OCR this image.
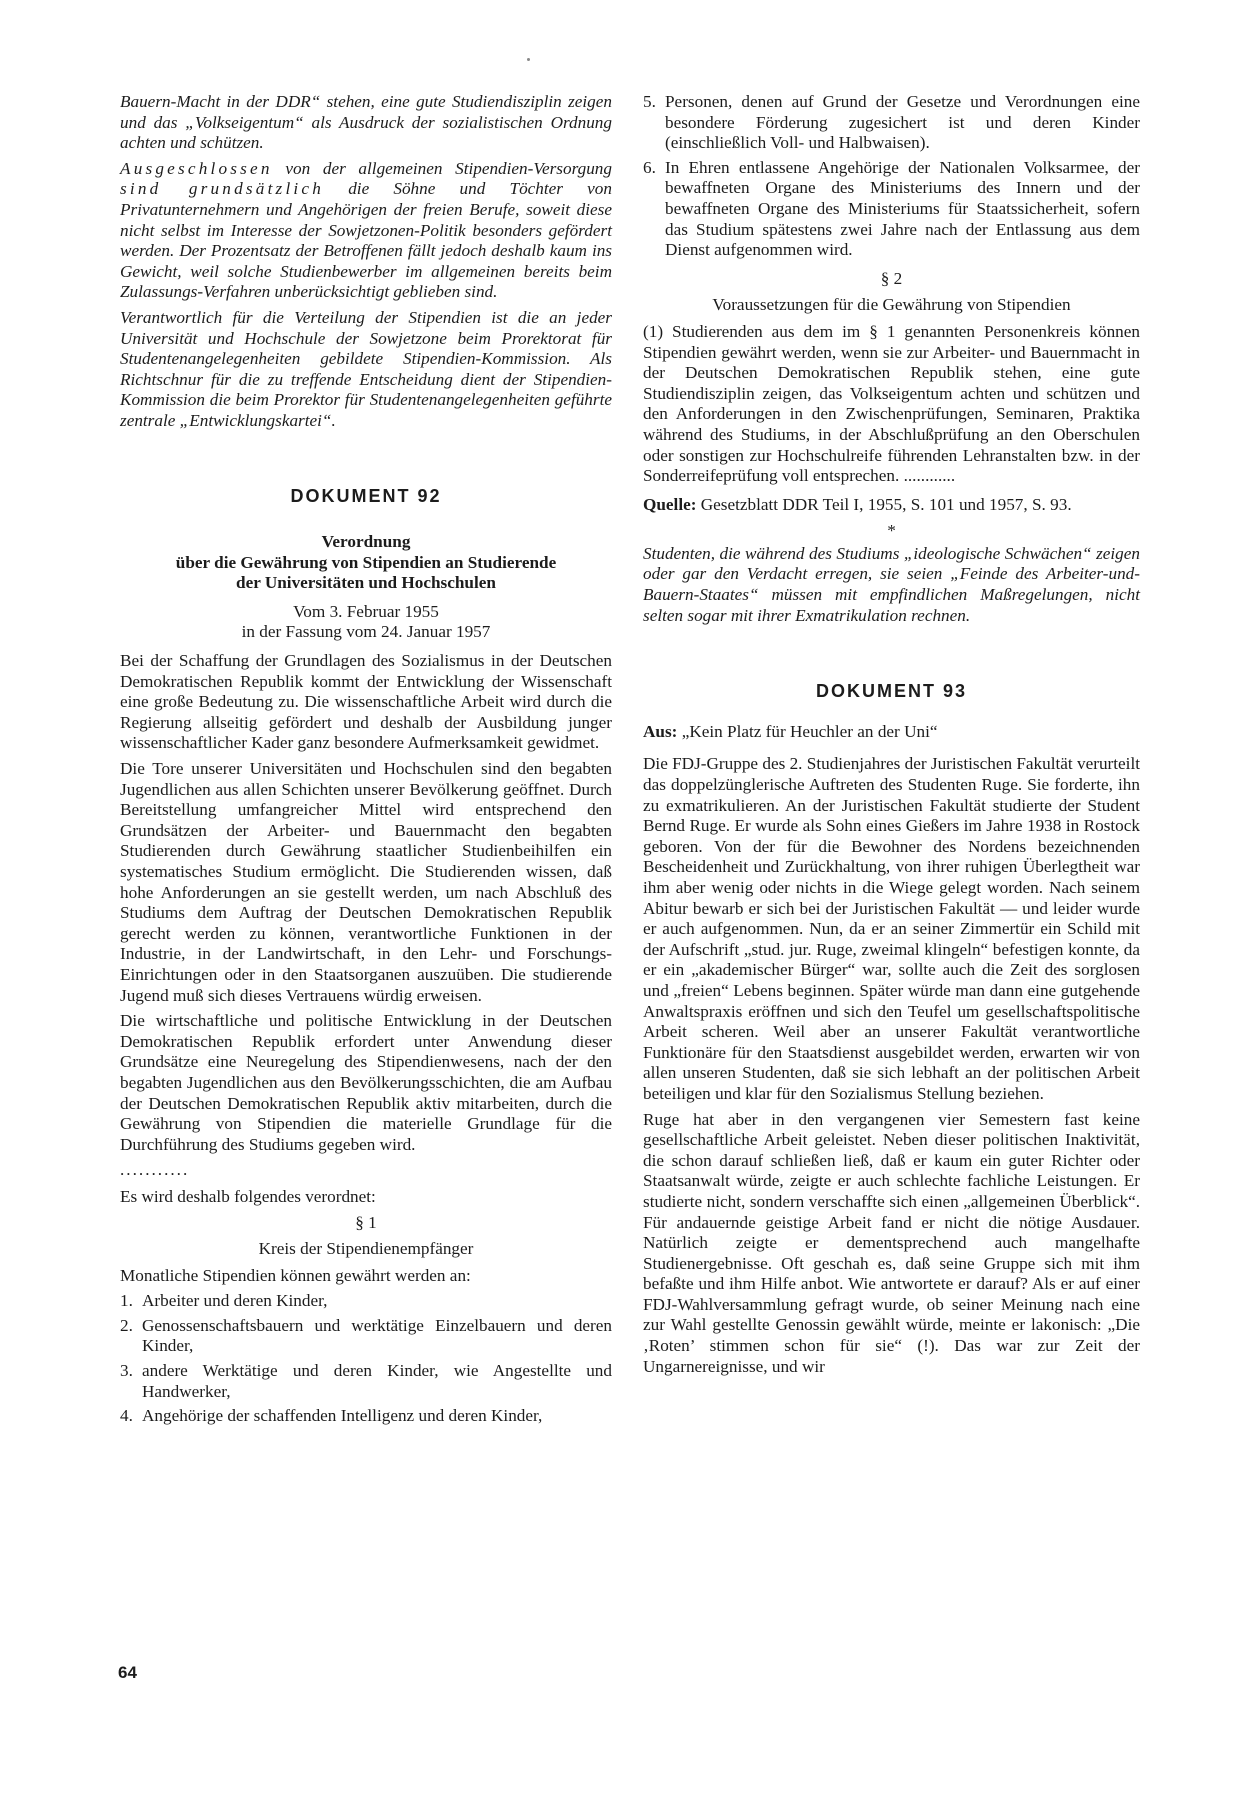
Bauern-Macht in der DDR“ stehen, eine gute Studiendisziplin zeigen und das „Volkseigentum“ als Ausdruck der sozialistischen Ordnung achten und schützen.

Ausgeschlossen von der allgemeinen Stipendien-Versorgung sind grundsätzlich die Söhne und Töchter von Privatunternehmern und Angehörigen der freien Berufe, soweit diese nicht selbst im Interesse der Sowjetzonen-Politik besonders gefördert werden. Der Prozentsatz der Betroffenen fällt jedoch deshalb kaum ins Gewicht, weil solche Studienbewerber im allgemeinen bereits beim Zulassungs-Verfahren unberücksichtigt geblieben sind.

Verantwortlich für die Verteilung der Stipendien ist die an jeder Universität und Hochschule der Sowjetzone beim Prorektorat für Studentenangelegenheiten gebildete Stipendien-Kommission. Als Richtschnur für die zu treffende Entscheidung dient der Stipendien-Kommission die beim Prorektor für Studentenangelegenheiten geführte zentrale „Entwicklungskartei“.

DOKUMENT 92
Verordnung
über die Gewährung von Stipendien an Studierende
der Universitäten und Hochschulen
Vom 3. Februar 1955
in der Fassung vom 24. Januar 1957

Bei der Schaffung der Grundlagen des Sozialismus in der Deutschen Demokratischen Republik kommt der Entwicklung der Wissenschaft eine große Bedeutung zu. Die wissenschaftliche Arbeit wird durch die Regierung allseitig gefördert und deshalb der Ausbildung junger wissenschaftlicher Kader ganz besondere Aufmerksamkeit gewidmet.

Die Tore unserer Universitäten und Hochschulen sind den begabten Jugendlichen aus allen Schichten unserer Bevölkerung geöffnet. Durch Bereitstellung umfangreicher Mittel wird entsprechend den Grundsätzen der Arbeiter- und Bauernmacht den begabten Studierenden durch Gewährung staatlicher Studienbeihilfen ein systematisches Studium ermöglicht. Die Studierenden wissen, daß hohe Anforderungen an sie gestellt werden, um nach Abschluß des Studiums dem Auftrag der Deutschen Demokratischen Republik gerecht werden zu können, verantwortliche Funktionen in der Industrie, in der Landwirtschaft, in den Lehr- und Forschungs-Einrichtungen oder in den Staatsorganen auszuüben. Die studierende Jugend muß sich dieses Vertrauens würdig erweisen.

Die wirtschaftliche und politische Entwicklung in der Deutschen Demokratischen Republik erfordert unter Anwendung dieser Grundsätze eine Neuregelung des Stipendienwesens, nach der den begabten Jugendlichen aus den Bevölkerungsschichten, die am Aufbau der Deutschen Demokratischen Republik aktiv mitarbeiten, durch die Gewährung von Stipendien die materielle Grundlage für die Durchführung des Studiums gegeben wird.

...........

Es wird deshalb folgendes verordnet:

§ 1
Kreis der Stipendienempfänger

Monatliche Stipendien können gewährt werden an:

1. Arbeiter und deren Kinder,
2. Genossenschaftsbauern und werktätige Einzelbauern und deren Kinder,
3. andere Werktätige und deren Kinder, wie Angestellte und Handwerker,
4. Angehörige der schaffenden Intelligenz und deren Kinder,
5. Personen, denen auf Grund der Gesetze und Verordnungen eine besondere Förderung zugesichert ist und deren Kinder (einschließlich Voll- und Halbwaisen).
6. In Ehren entlassene Angehörige der Nationalen Volksarmee, der bewaffneten Organe des Ministeriums des Innern und der bewaffneten Organe des Ministeriums für Staatssicherheit, sofern das Studium spätestens zwei Jahre nach der Entlassung aus dem Dienst aufgenommen wird.
§ 2
Voraussetzungen für die Gewährung von Stipendien

(1) Studierenden aus dem im § 1 genannten Personenkreis können Stipendien gewährt werden, wenn sie zur Arbeiter- und Bauernmacht in der Deutschen Demokratischen Republik stehen, eine gute Studiendisziplin zeigen, das Volkseigentum achten und schützen und den Anforderungen in den Zwischenprüfungen, Seminaren, Praktika während des Studiums, in der Abschlußprüfung an den Oberschulen oder sonstigen zur Hochschulreife führenden Lehranstalten bzw. in der Sonderreifeprüfung voll entsprechen. ............

Quelle: Gesetzblatt DDR Teil I, 1955, S. 101 und 1957, S. 93.

*

Studenten, die während des Studiums „ideologische Schwächen“ zeigen oder gar den Verdacht erregen, sie seien „Feinde des Arbeiter-und-Bauern-Staates“ müssen mit empfindlichen Maßregelungen, nicht selten sogar mit ihrer Exmatrikulation rechnen.

DOKUMENT 93

Aus: „Kein Platz für Heuchler an der Uni“

Die FDJ-Gruppe des 2. Studienjahres der Juristischen Fakultät verurteilt das doppelzünglerische Auftreten des Studenten Ruge. Sie forderte, ihn zu exmatrikulieren. An der Juristischen Fakultät studierte der Student Bernd Ruge. Er wurde als Sohn eines Gießers im Jahre 1938 in Rostock geboren. Von der für die Bewohner des Nordens bezeichnenden Bescheidenheit und Zurückhaltung, von ihrer ruhigen Überlegtheit war ihm aber wenig oder nichts in die Wiege gelegt worden. Nach seinem Abitur bewarb er sich bei der Juristischen Fakultät — und leider wurde er auch aufgenommen. Nun, da er an seiner Zimmertür ein Schild mit der Aufschrift „stud. jur. Ruge, zweimal klingeln“ befestigen konnte, da er ein „akademischer Bürger“ war, sollte auch die Zeit des sorglosen und „freien“ Lebens beginnen. Später würde man dann eine gutgehende Anwaltspraxis eröffnen und sich den Teufel um gesellschaftspolitische Arbeit scheren. Weil aber an unserer Fakultät verantwortliche Funktionäre für den Staatsdienst ausgebildet werden, erwarten wir von allen unseren Studenten, daß sie sich lebhaft an der politischen Arbeit beteiligen und klar für den Sozialismus Stellung beziehen.

Ruge hat aber in den vergangenen vier Semestern fast keine gesellschaftliche Arbeit geleistet. Neben dieser politischen Inaktivität, die schon darauf schließen ließ, daß er kaum ein guter Richter oder Staatsanwalt würde, zeigte er auch schlechte fachliche Leistungen. Er studierte nicht, sondern verschaffte sich einen „allgemeinen Überblick“. Für andauernde geistige Arbeit fand er nicht die nötige Ausdauer. Natürlich zeigte er dementsprechend auch mangelhafte Studienergebnisse. Oft geschah es, daß seine Gruppe sich mit ihm befaßte und ihm Hilfe anbot. Wie antwortete er darauf? Als er auf einer FDJ-Wahlversammlung gefragt wurde, ob seiner Meinung nach eine zur Wahl gestellte Genossin gewählt würde, meinte er lakonisch: „Die ‚Roten’ stimmen schon für sie“ (!). Das war zur Zeit der Ungarnereignisse, und wir

64
